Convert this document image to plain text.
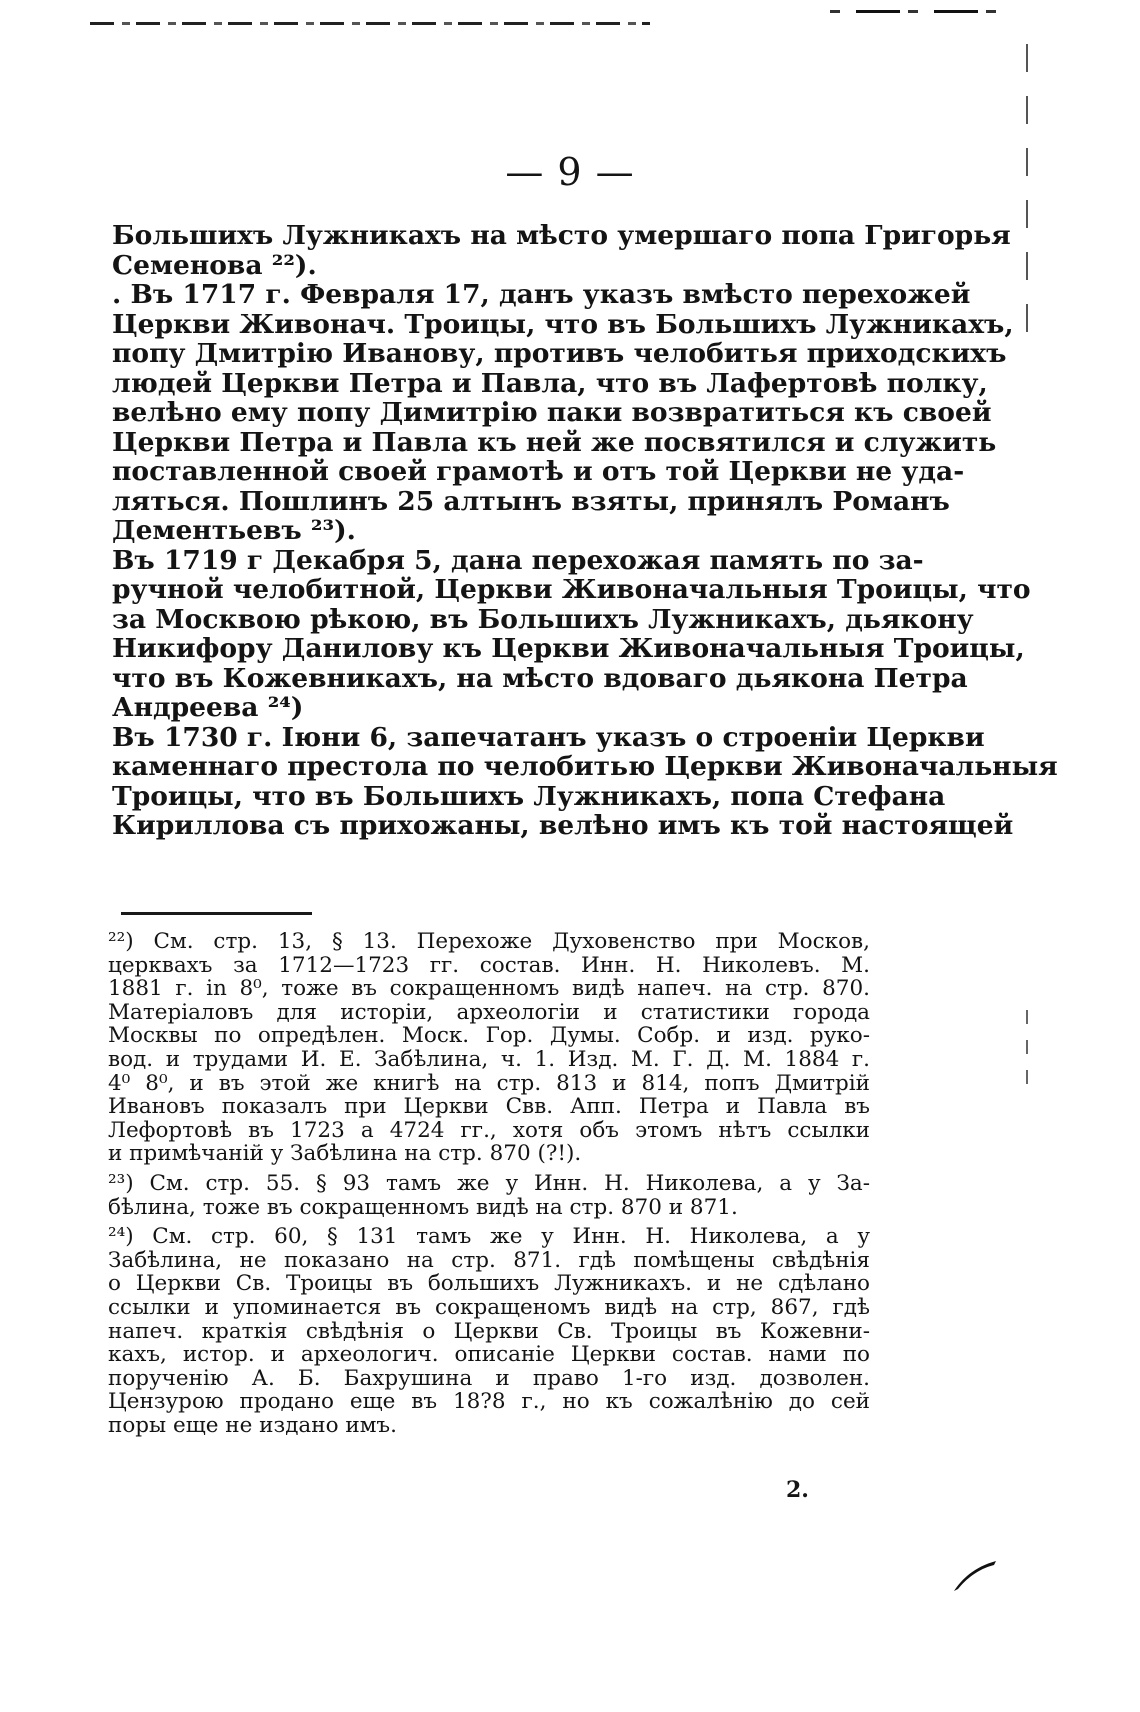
— 9 —
Большихъ Лужникахъ на мѣсто умершаго попа Григорья
Семенова ²²).
. Въ 1717 г. Февраля 17, данъ указъ вмѣсто перехожей
Церкви Живонач. Троицы, что въ Большихъ Лужникахъ,
попу Дмитрію Иванову, противъ челобитья приходскихъ
людей Церкви Петра и Павла, что въ Лафертовѣ полку,
велѣно ему попу Димитрію паки возвратиться къ своей
Церкви Петра и Павла къ ней же посвятился и служить
поставленной своей грамотѣ и отъ той Церкви не уда-
ляться. Пошлинъ 25 алтынъ взяты, принялъ Романъ
Дементьевъ ²³).
Въ 1719 г Декабря 5, дана перехожая память по за-
ручной челобитной, Церкви Живоначальныя Троицы, что
за Москвою рѣкою, въ Большихъ Лужникахъ, дьякону
Никифору Данилову къ Церкви Живоначальныя Троицы,
что въ Кожевникахъ, на мѣсто вдоваго дьякона Петра
Андреева ²⁴)
Въ 1730 г. Іюни 6, запечатанъ указъ о строеніи Церкви
каменнаго престола по челобитью Церкви Живоначальныя
Троицы, что въ Большихъ Лужникахъ, попа Стефана
Кириллова съ прихожаны, велѣно имъ къ той настоящей
²²) См. стр. 13, § 13. Перехоже Духовенство при Москов,
церквахъ за 1712—1723 гг. состав. Инн. Н. Николевъ. М.
1881 г. in 8⁰, тоже въ сокращенномъ видѣ напеч. на стр. 870.
Матеріаловъ для исторіи, археологіи и статистики города
Москвы по опредѣлен. Моск. Гор. Думы. Собр. и изд. руко-
вод. и трудами И. Е. Забѣлина, ч. 1. Изд. М. Г. Д. М. 1884 г.
4⁰ 8⁰, и въ этой же книгѣ на стр. 813 и 814, попъ Дмитрій
Ивановъ показалъ при Церкви Свв. Апп. Петра и Павла въ
Лефортовѣ въ 1723 а 4724 гг., хотя объ этомъ нѣтъ ссылки
и примѣчаній у Забѣлина на стр. 870 (?!).
²³) См. стр. 55. § 93 тамъ же у Инн. Н. Николева, а у За-
бѣлина, тоже въ сокращенномъ видѣ на стр. 870 и 871.
²⁴) См. стр. 60, § 131 тамъ же у Инн. Н. Николева, а у
Забѣлина, не показано на стр. 871. гдѣ помѣщены свѣдѣнія
о Церкви Св. Троицы въ большихъ Лужникахъ. и не сдѣлано
ссылки и упоминается въ сокращеномъ видѣ на стр, 867, гдѣ
напеч. краткія свѣдѣнія о Церкви Св. Троицы въ Кожевни-
кахъ, истор. и археологич. описаніе Церкви состав. нами по
порученію А. Б. Бахрушина и право 1-го изд. дозволен.
Цензурою продано еще въ 18?8 г., но къ сожалѣнію до сей
поры еще не издано имъ.
2.
